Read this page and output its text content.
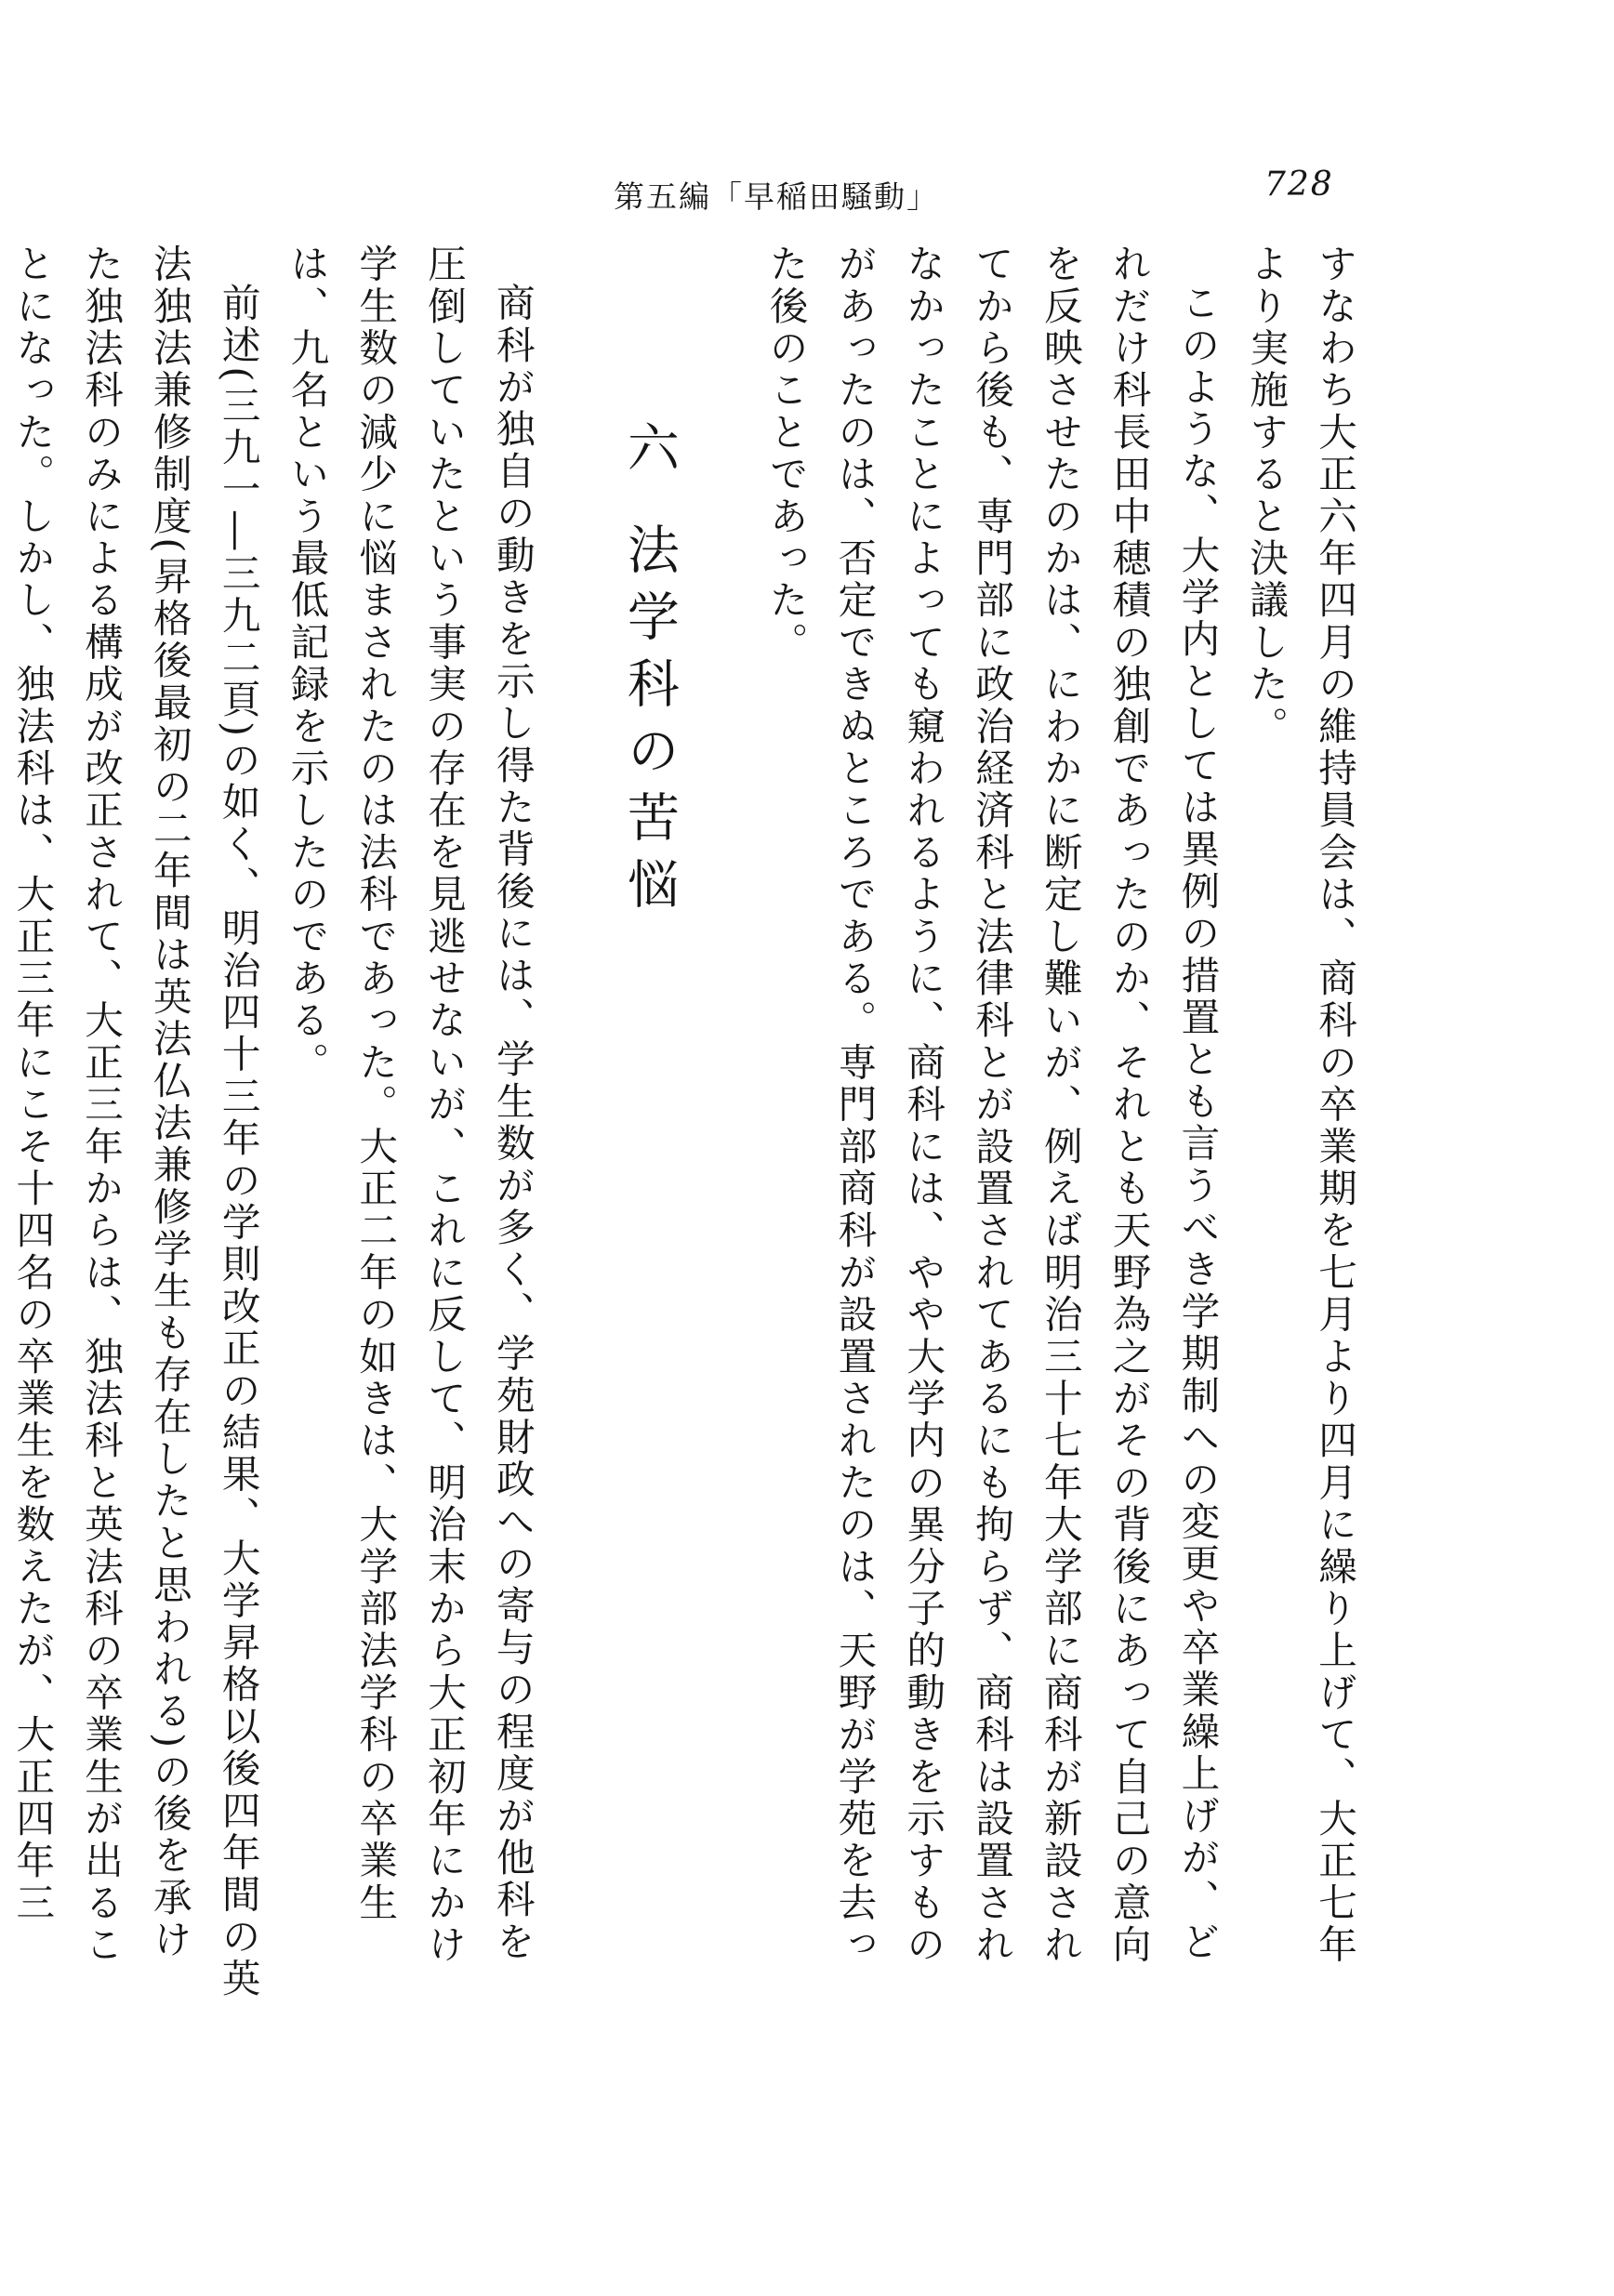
第五編「早稲田騒動」	728

すなわち大正六年四月の維持員会は、商科の卒業期を七月より四月に繰り上げて、大正七年より実施すると決議した。

このような、大学内としては異例の措置とも言うべき学期制への変更や卒業繰上げが、どれだけ科長田中穂積の独創であったのか、それとも天野為之がその背後にあって自己の意向を反映させたのかは、にわかに断定し難いが、例えば明治三十七年大学部に商科が新設されてから後も、専門部に政治経済科と法律科とが設置されてあるにも拘らず、商科は設置されなかったことによっても窺われるように、商科には、やや大学内の異分子的動きを示すものがあったのは、否定できぬところである。専門部商科が設置されたのは、天野が学苑を去った後のことであった。

六法学科の苦悩

商科が独自の動きを示し得た背後には、学生数が多く、学苑財政への寄与の程度が他科を圧倒していたという事実の存在を見逃せないが、これに反して、明治末から大正初年にかけ学生数の減少に悩まされたのは法科であった。大正二年の如きは、大学部法学科の卒業生は、九名という最低記録を示したのである。

前述(三九一―三九二頁)の如く、明治四十三年の学則改正の結果、大学昇格以後四年間の英法独法兼修制度(昇格後最初の二年間は英法仏法兼修学生も存在したと思われる)の後を承けた独法科のみによる構成が改正されて、大正三年からは、独法科と英法科の卒業生が出ることになった。しかし、独法科は、大正三年にこそ十四名の卒業生を数えたが、大正四年三
